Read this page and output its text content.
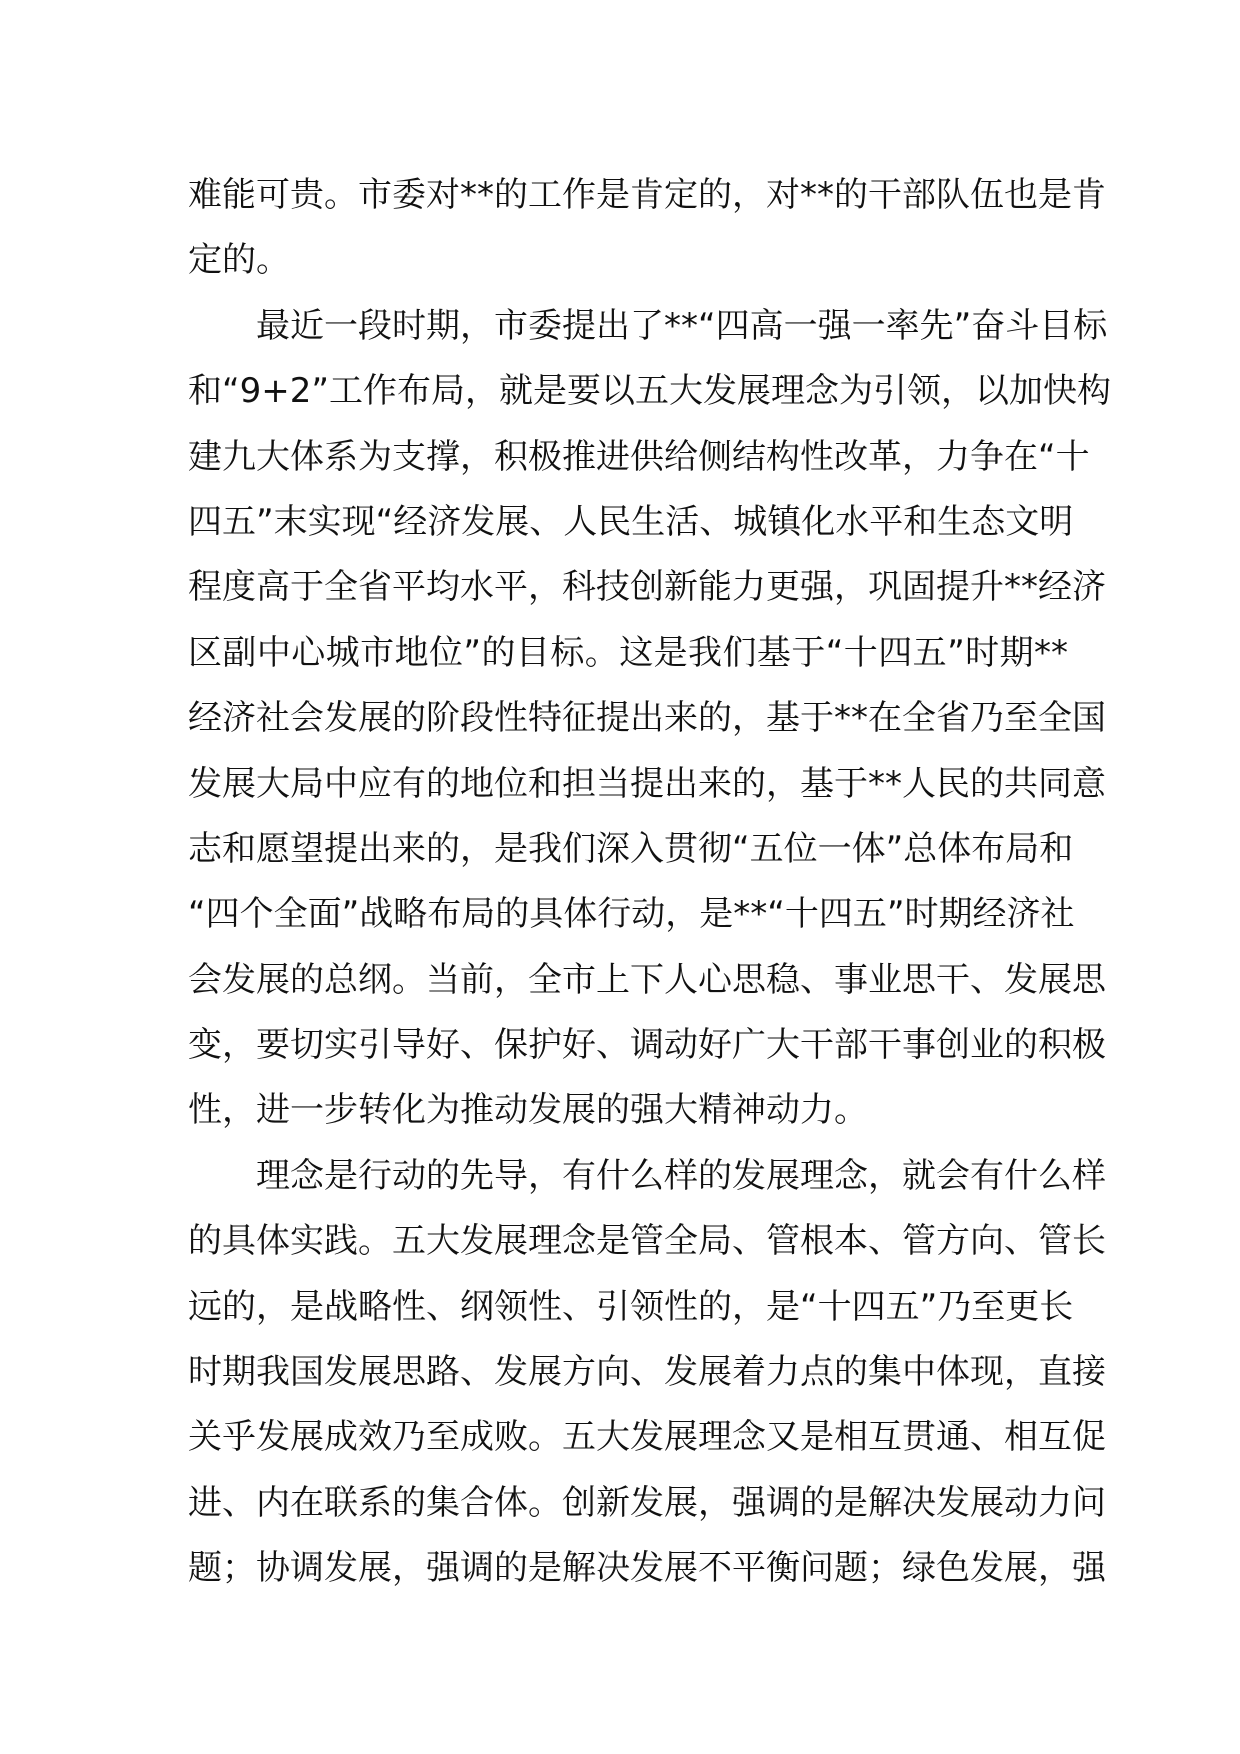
难能可贵。市委对**的工作是肯定的，对**的干部队伍也是肯
定的。
最近一段时期，市委提出了**“四高一强一率先”奋斗目标
和“9+2”工作布局，就是要以五大发展理念为引领，以加快构
建九大体系为支撑，积极推进供给侧结构性改革，力争在“十
四五”末实现“经济发展、人民生活、城镇化水平和生态文明
程度高于全省平均水平，科技创新能力更强，巩固提升**经济
区副中心城市地位”的目标。这是我们基于“十四五”时期**
经济社会发展的阶段性特征提出来的，基于**在全省乃至全国
发展大局中应有的地位和担当提出来的，基于**人民的共同意
志和愿望提出来的，是我们深入贯彻“五位一体”总体布局和
“四个全面”战略布局的具体行动，是**“十四五”时期经济社
会发展的总纲。当前，全市上下人心思稳、事业思干、发展思
变，要切实引导好、保护好、调动好广大干部干事创业的积极
性，进一步转化为推动发展的强大精神动力。
理念是行动的先导，有什么样的发展理念，就会有什么样
的具体实践。五大发展理念是管全局、管根本、管方向、管长
远的，是战略性、纲领性、引领性的，是“十四五”乃至更长
时期我国发展思路、发展方向、发展着力点的集中体现，直接
关乎发展成效乃至成败。五大发展理念又是相互贯通、相互促
进、内在联系的集合体。创新发展，强调的是解决发展动力问
题；协调发展，强调的是解决发展不平衡问题；绿色发展，强
